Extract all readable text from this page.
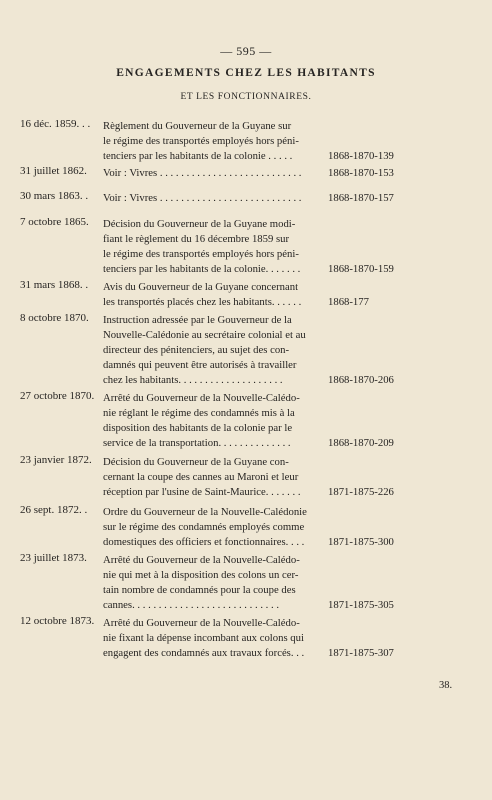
— 595 —
ENGAGEMENTS CHEZ LES HABITANTS
ET LES FONCTIONNAIRES.
16 déc. 1859. . . Règlement du Gouverneur de la Guyane sur
le régime des transportés employés hors péni-
tenciers par les habitants de la colonie . . . . .	1868-1870-139
31 juillet 1862. Voir : Vivres . . . . . . . . . . . . . . . . . . . . . . . . . . .	1868-1870-153
30 mars 1863. . Voir : Vivres . . . . . . . . . . . . . . . . . . . . . . . . . . .	1868-1870-157
7 octobre 1865. Décision du Gouverneur de la Guyane modi-
fiant le règlement du 16 décembre 1859 sur
le régime des transportés employés hors péni-
tenciers par les habitants de la colonie. . . . . . .	1868-1870-159
31 mars 1868. . Avis du Gouverneur de la Guyane concernant
les transportés placés chez les habitants. . . . . .	1868-177
8 octobre 1870. Instruction adressée par le Gouverneur de la
Nouvelle-Calédonie au secrétaire colonial et au
directeur des pénitenciers, au sujet des con-
damnés qui peuvent être autorisés à travailler
chez les habitants. . . . . . . . . . . . . . . . . . . .	1868-1870-206
27 octobre 1870. Arrêté du Gouverneur de la Nouvelle-Calédo-
nie réglant le régime des condamnés mis à la
disposition des habitants de la colonie par le
service de la transportation. . . . . . . . . . . . . .	1868-1870-209
23 janvier 1872. Décision du Gouverneur de la Guyane con-
cernant la coupe des cannes au Maroni et leur
réception par l'usine de Saint-Maurice. . . . . . .	1871-1875-226
26 sept. 1872. . Ordre du Gouverneur de la Nouvelle-Calédonie
sur le régime des condamnés employés comme
domestiques des officiers et fonctionnaires. . . .	1871-1875-300
23 juillet 1873. Arrêté du Gouverneur de la Nouvelle-Calédo-
nie qui met à la disposition des colons un cer-
tain nombre de condamnés pour la coupe des
cannes. . . . . . . . . . . . . . . . . . . . . . . . . . . .	1871-1875-305
12 octobre 1873. Arrêté du Gouverneur de la Nouvelle-Calédo-
nie fixant la dépense incombant aux colons qui
engagent des condamnés aux travaux forcés. . .	1871-1875-307
38.
